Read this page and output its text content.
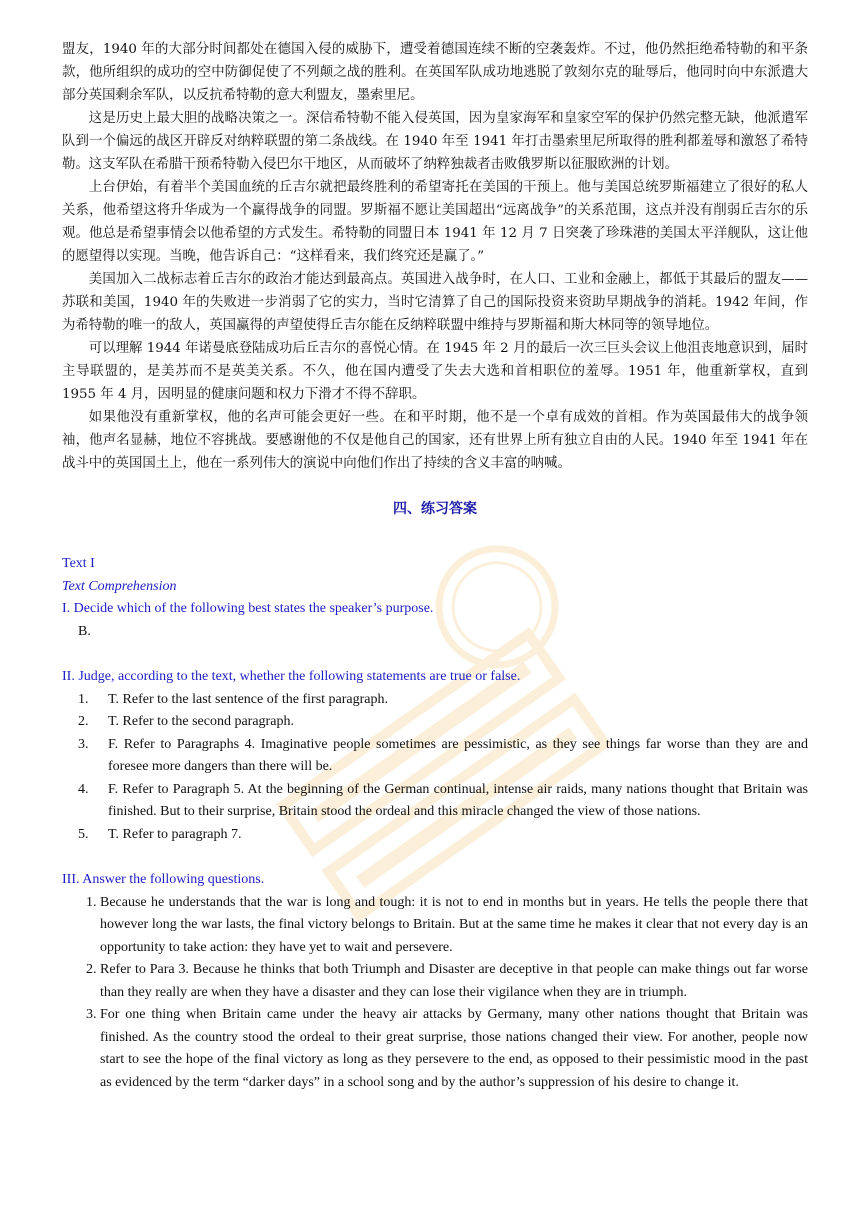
盟友，1940 年的大部分时间都处在德国入侵的威胁下，遭受着德国连续不断的空袭轰炸。不过，他仍然拒绝希特勒的和平条款，他所组织的成功的空中防御促使了不列颠之战的胜利。在英国军队成功地逃脱了敦刻尔克的耻辱后，他同时向中东派遣大部分英国剩余军队，以反抗希特勒的意大利盟友，墨索里尼。

这是历史上最大胆的战略决策之一。深信希特勒不能入侵英国，因为皇家海军和皇家空军的保护仍然完整无缺，他派遣军队到一个偏远的战区开辟反对纳粹联盟的第二条战线。在 1940 年至 1941 年打击墨索里尼所取得的胜利都羞辱和激怒了希特勒。这支军队在希腊干预希特勒入侵巴尔干地区，从而破坏了纳粹独裁者击败俄罗斯以征服欧洲的计划。

上台伊始，有着半个美国血统的丘吉尔就把最终胜利的希望寄托在美国的干预上。他与美国总统罗斯福建立了很好的私人关系，他希望这将升华成为一个赢得战争的同盟。罗斯福不愿让美国超出“远离战争”的关系范围，这点并没有削弱丘吉尔的乐观。他总是希望事情会以他希望的方式发生。希特勒的同盟日本 1941 年 12 月 7 日突袭了珍珠港的美国太平洋舰队，这让他的愿望得以实现。当晚，他告诉自己：“这样看来，我们终究还是赢了。”

美国加入二战标志着丘吉尔的政治才能达到最高点。英国进入战争时，在人口、工业和金融上，都低于其最后的盟友——苏联和美国，1940 年的失败进一步消弱了它的实力，当时它清算了自己的国际投资来资助早期战争的消耗。1942 年间，作为希特勒的唯一的敌人，英国赢得的声望使得丘吉尔能在反纳粹联盟中维持与罗斯福和斯大林同等的领导地位。

可以理解 1944 年诺曼底登陆成功后丘吉尔的喜悦心情。在 1945 年 2 月的最后一次三巨头会议上他沮丧地意识到，届时主导联盟的，是美苏而不是英美关系。不久，他在国内遭受了失去大选和首相职位的羞辱。1951 年，他重新掌权，直到 1955 年 4 月，因明显的健康问题和权力下滑才不得不辞职。

如果他没有重新掌权，他的名声可能会更好一些。在和平时期，他不是一个卓有成效的首相。作为英国最伟大的战争领袖，他声名显赫，地位不容挑战。要感谢他的不仅是他自己的国家，还有世界上所有独立自由的人民。1940 年至 1941 年在战斗中的英国国土上，他在一系列伟大的演说中向他们作出了持续的含义丰富的呐喊。

四、练习答案
Text I
Text Comprehension
I. Decide which of the following best states the speaker’s purpose.
B.
II. Judge, according to the text, whether the following statements are true or false.
1. T. Refer to the last sentence of the first paragraph.
2. T. Refer to the second paragraph.
3. F. Refer to Paragraphs 4. Imaginative people sometimes are pessimistic, as they see things far worse than they are and foresee more dangers than there will be.
4. F. Refer to Paragraph 5. At the beginning of the German continual, intense air raids, many nations thought that Britain was finished. But to their surprise, Britain stood the ordeal and this miracle changed the view of those nations.
5. T. Refer to paragraph 7.
III. Answer the following questions.
1. Because he understands that the war is long and tough: it is not to end in months but in years. He tells the people there that however long the war lasts, the final victory belongs to Britain. But at the same time he makes it clear that not every day is an opportunity to take action: they have yet to wait and persevere.
2. Refer to Para 3. Because he thinks that both Triumph and Disaster are deceptive in that people can make things out far worse than they really are when they have a disaster and they can lose their vigilance when they are in triumph.
3. For one thing when Britain came under the heavy air attacks by Germany, many other nations thought that Britain was finished. As the country stood the ordeal to their great surprise, those nations changed their view. For another, people now start to see the hope of the final victory as long as they persevere to the end, as opposed to their pessimistic mood in the past as evidenced by the term “darker days” in a school song and by the author’s suppression of his desire to change it.
